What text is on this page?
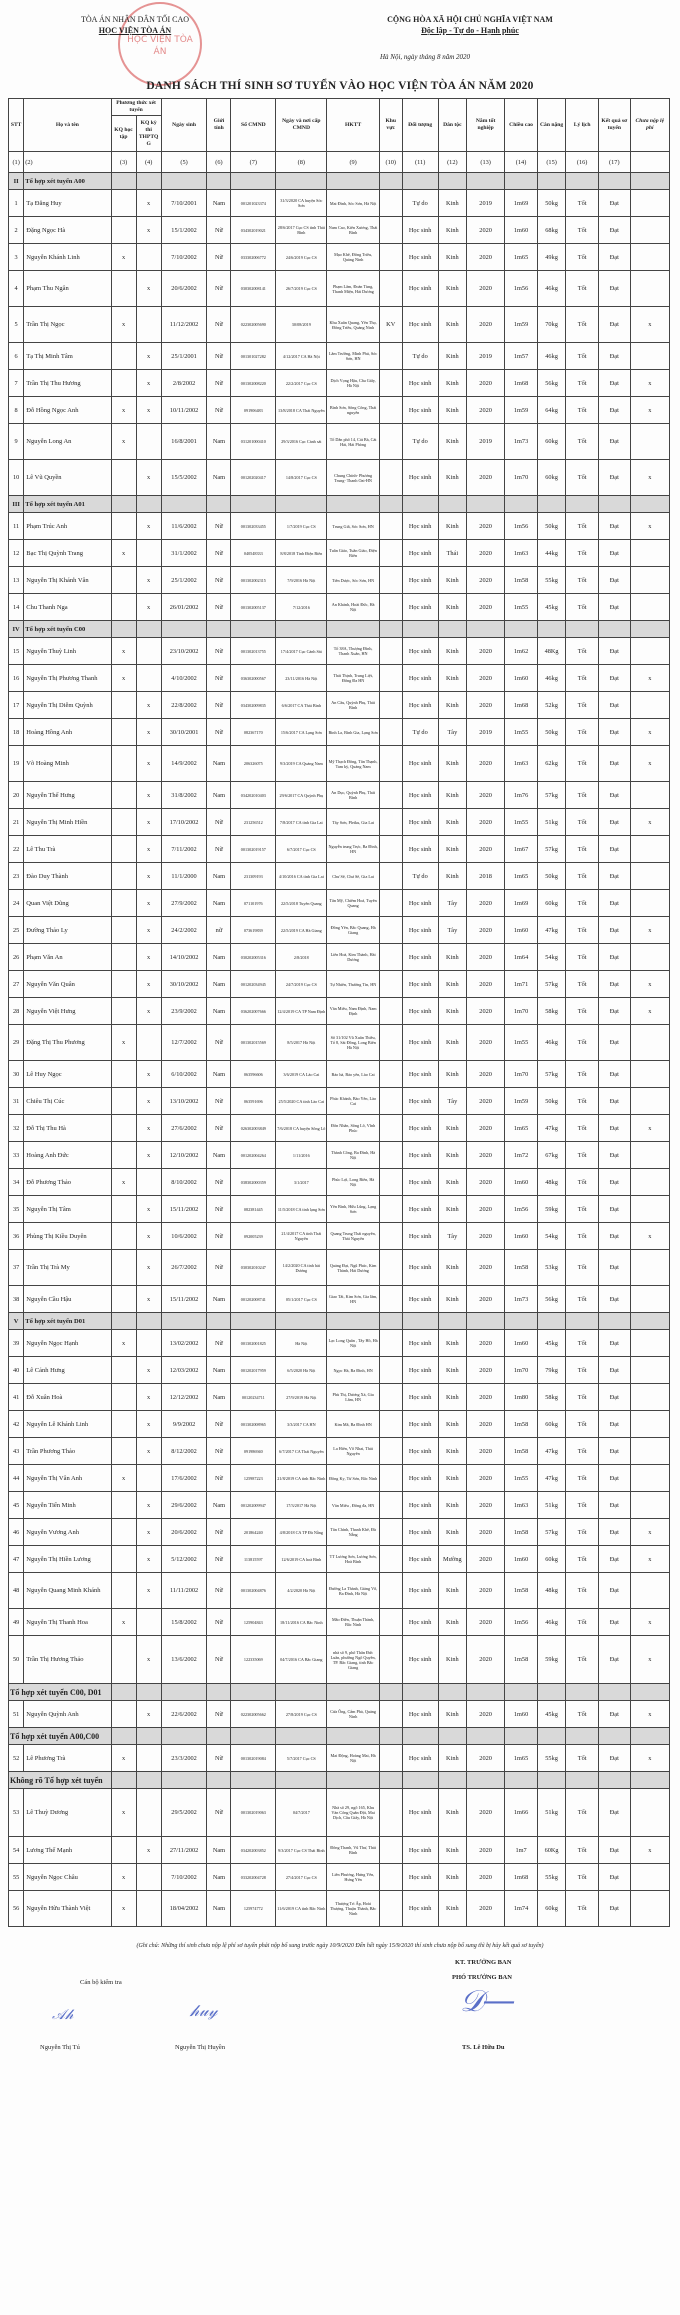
HỌC VIỆN TÒA ÁN
TÒA ÁN NHÂN DÂN TỐI CAO
HỌC VIỆN TÒA ÁN
CỘNG HÒA XÃ HỘI CHỦ NGHĨA VIỆT NAM
Độc lập - Tự do - Hạnh phúc
Hà Nội, ngày tháng 8 năm 2020
DANH SÁCH THÍ SINH SƠ TUYỂN VÀO HỌC VIỆN TÒA ÁN NĂM 2020
STT	Họ và tên	Phương thức xét tuyển		Ngày sinh	Giới tính	Số CMND	Ngày và nơi cấp CMND	HKTT	Khu vực	Đối tượng	Dân tộc	Năm tốt nghiệp	Chiều cao	Cân nặng	Lý lịch	Kết quả sơ tuyển	Chưa nộp lệ phí
		KQ học tập	KQ kỳ thi THPTQG														
(1)	(2)	(3)	(4)	(5)	(6)	(7)	(8)	(9)	(10)	(11)	(12)	(13)	(14)	(15)	(16)	(17)	
II	Tổ hợp xét tuyển A00																
1	Tạ Đăng Huy		x	7/10/2001	Nam	001201023374	31/3/2020 CA huyện Sóc Sơn	Mai Đình, Sóc Sơn, Hà Nội		Tự do	Kinh	2019	1m69	50kg	Tốt	Đạt	
2	Đặng Ngọc Hà		x	15/1/2002	Nữ	034302019021	28/6/2017 Cục CS tỉnh Thái Bình	Nam Cao, Kiến Xương, Thái Bình		Học sinh	Kinh	2020	1m60	68kg	Tốt	Đạt	
3	Nguyễn Khánh Linh	x		7/10/2002	Nữ	033302006772	24/6/2019 Cục CS	Mạo Khê, Đông Triều, Quảng Ninh		Học sinh	Kinh	2020	1m65	49kg	Tốt	Đạt	
4	Phạm Thu Ngân		x	20/6/2002	Nữ	030302008141	26/7/2019 Cục CS	Phạm Lâm, Đoàn Tùng, Thanh Miện, Hải Dương		Học sinh	Kinh	2020	1m56	46kg	Tốt	Đạt	
5	Trần Thị Ngọc	x		11/12/2002	Nữ	022302005690	30/08/2019	Khu Xuân Quang, Yên Thọ, Đông Triều, Quảng Ninh	KV	Học sinh	Kinh	2020	1m59	70kg	Tốt	Đạt	x
6	Tạ Thị Minh Tâm		x	25/1/2001	Nữ	001301027282	4/12/2017 CA Hà Nội	Lâm Trường, Minh Phú, Sóc Sơn, HN		Tự do	Kinh	2019	1m57	46kg	Tốt	Đạt	
7	Trần Thị Thu Hương		x	2/8/2002	Nữ	001302008220	22/2/2017 Cục CS	Dịch Vọng Hậu, Cầu Giấy, Hà Nội		Học sinh	Kinh	2020	1m68	56kg	Tốt	Đạt	x
8	Đỗ Hồng Ngọc Anh	x	x	10/11/2002	Nữ	091906483	13/8/2018 CA Thái Nguyên	Bình Sơn, Sông Công, Thái nguyên		Học sinh	Kinh	2020	1m59	64kg	Tốt	Đạt	x
9	Nguyễn Long An	x		16/8/2001	Nam	031201000410	29/3/2016 Cục Cảnh sát	Tổ Dân phố 14, Cát Bà, Cát Hải, Hải Phòng		Tự do	Kinh	2019	1m73	60kg	Tốt	Đạt	
10	Lê Vũ Quyền		x	15/5/2002	Nam	001202020417	14/8/2017 Cục CS	Chung Chính- Phương Trung- Thanh Oai-HN		Học sinh	Kinh	2020	1m70	60kg	Tốt	Đạt	x
III	Tổ hợp xét tuyển A01																
11	Phạm Trúc Anh		x	11/6/2002	Nữ	001302033455	1/7/2019 Cục CS	Trung Giã, Sóc Sơn, HN		Học sinh	Kinh	2020	1m56	50kg	Tốt	Đạt	x
12	Bạc Thị Quỳnh Trang	x		31/1/2002	Nữ	040548333	8/8/2018 Tỉnh Điện Biên	Tuần Giáo, Tuần Giáo, Điện Biên		Học sinh	Thái	2020	1m63	44kg	Tốt	Đạt	
13	Nguyễn Thị Khánh Vân		x	25/1/2002	Nữ	001302002315	7/9/2016 Hà Nội	Tiên Dược, Sóc Sơn, HN		Học sinh	Kinh	2020	1m58	55kg	Tốt	Đạt	
14	Chu Thanh Nga		x	26/01/2002	Nữ	001302005137	7/12/2016	An Khánh, Hoài Đức, Hà Nội		Học sinh	Kinh	2020	1m55	45kg	Tốt	Đạt	
IV	Tổ hợp xét tuyển C00																
15	Nguyễn Thuỳ Linh	x		23/10/2002	Nữ	001302013755	17/4/2017 Cục Cảnh Sát	Tổ 38A, Thượng Đình, Thanh Xuân, HN		Học sinh	Kinh	2020	1m62	48Kg	Tốt	Đạt	
16	Nguyễn Thị Phương Thanh	x		4/10/2002	Nữ	036302000567	23/11/2016 Hà Nội	Thái Thịnh, Trung Liệt, Đống Đa HN		Học sinh	Kinh	2020	1m60	46kg	Tốt	Đạt	x
17	Nguyễn Thị Diễm Quỳnh		x	22/8/2002	Nữ	034302009835	6/6/2017 CA Thái Bình	An Cầu, Quỳnh Phụ, Thái Bình		Học sinh	Kinh	2020	1m68	52kg	Tốt	Đạt	
18	Hoàng Hồng Anh		x	30/10/2001	Nữ	082367170	15/6/2017 CA Lạng Sơn	Bình La, Bình Gia, Lạng Sơn		Tự do	Tày	2019	1m55	50kg	Tốt	Đạt	x
19	Võ Hoàng Minh		x	14/9/2002	Nam	206326075	9/3/2019 CA Quảng Nam	Mỹ Thạch Đông, Tân Thạnh, Tam kỳ, Quảng Nam		Học sinh	Kinh	2020	1m63	62kg	Tốt	Đạt	x
20	Nguyễn Thế Hưng		x	31/8/2002	Nam	034202010403	29/6/2017 CA Quỳnh Phụ	An Dục, Quỳnh Phụ, Thái Bình		Học sinh	Kinh	2020	1m76	57kg	Tốt	Đạt	
21	Nguyễn Thị Minh Hiền		x	17/10/2002	Nữ	231256512	7/8/2017 CA tỉnh Gia Lai	Tây Sơn, Pleiku, Gia Lai		Học sinh	Kinh	2020	1m55	51kg	Tốt	Đạt	x
22	Lê Thu Trà		x	7/11/2002	Nữ	001302019157	6/7/2017 Cục CS	Nguyễn trung Trực, Ba Đình, HN		Học sinh	Kinh	2020	1m67	57kg	Tốt	Đạt	
23	Đào Duy Thành		x	11/1/2000	Nam	231309193	4/10/2016 CA tỉnh Gia Lai	Chư Sê, Chư Sê, Gia Lai		Tự do	Kinh	2018	1m65	50kg	Tốt	Đạt	
24	Quan Việt Dũng		x	27/9/2002	Nam	071101976	22/5/2018 Tuyên Quang	Tân Mỹ, Chiêm Hoá, Tuyên Quang		Học sinh	Tày	2020	1m69	60kg	Tốt	Đạt	
25	Đường Thảo Ly		x	24/2/2002	nữ	073619839	22/5/2019 CA Hà Giang	Đồng Yên, Bắc Quang, Hà Giang		Học sinh	Tày	2020	1m60	47kg	Tốt	Đạt	x
26	Phạm Văn An		x	14/10/2002	Nam	030202005316	2/8/2018	Liên Hoà, Kim Thành, Hải Dương		Học sinh	Kinh	2020	1m64	54kg	Tốt	Đạt	
27	Nguyễn Văn Quân		x	30/10/2002	Nam	001202034945	24/7/2019 Cục CS	Tự Nhiên, Thường Tín, HN		Học sinh	Kinh	2020	1m71	57kg	Tốt	Đạt	x
28	Nguyễn Việt Hưng		x	23/9/2002	Nam	036202007666	12/4/2019 CA TP Nam Định	Văn Miếu, Nam Định, Nam Định		Học sinh	Kinh	2020	1m70	58kg	Tốt	Đạt	x
29	Đặng Thị Thu Phương	x		12/7/2002	Nữ	001302015569	8/5/2017 Hà Nội	Số 31/102 Vũ Xuân Thiều, Tổ 8, Sài Đồng, Long Biên Hà Nội		Học sinh	Kinh	2020	1m55	46kg	Tốt	Đạt	
30	Lê Huy Ngọc		x	6/10/2002	Nam	063596606	3/6/2019 CA Lào Cai	Bảo hà, Bảo yên, Lào Cai		Học sinh	Kinh	2020	1m70	57kg	Tốt	Đạt	
31	Chiêu Thị Cúc		x	13/10/2002	Nữ	063591696	25/5/2020 CA tỉnh Lào Cai	Phúc Khánh, Bảo Yên, Lào Cai		Học sinh	Tày	2020	1m59	50kg	Tốt	Đạt	
32	Đỗ Thị Thu Hà		x	27/6/2002	Nữ	026302003849	7/6/2018 CA huyện Sông Lô	Đôn Nhân, Sông Lô, Vĩnh Phúc		Học sinh	Kinh	2020	1m65	47kg	Tốt	Đạt	x
33	Hoàng Anh Đức		x	12/10/2002	Nam	001202004264	1/11/2016	Thành Công, Ba Đình, Hà Nội		Học sinh	Kinh	2020	1m72	67kg	Tốt	Đạt	
34	Đỗ Phương Thảo	x		8/10/2002	Nữ	038302000359	3/1/2017	Phúc Lợi, Long Biên, Hà Nội		Học sinh	Kinh	2020	1m60	48kg	Tốt	Đạt	
35	Nguyễn Thị Tâm		x	15/11/2002	Nữ	082381445	11/5/2018 CA tỉnh lạng Sơn	Yên Bình, Hữu Lũng, Lạng Sơn		Học sinh	Kinh	2020	1m56	59kg	Tốt	Đạt	
36	Phùng Thị Kiều Duyên		x	10/6/2002	Nữ	092005239	21/4/2017 CA tỉnh Thái Nguyên	Quang Trung Thái nguyên, Thái Nguyên		Học sinh	Tày	2020	1m60	54kg	Tốt	Đạt	x
37	Trần Thị Trà My		x	26/7/2002	Nữ	030302010247	14/2/2020 CA tỉnh hải Dương	Quảng Đạt, Ngũ Phúc, Kim Thành, Hải Dương		Học sinh	Kinh	2020	1m58	53kg	Tốt	Đạt	
38	Nguyễn Cầu Hậu		x	15/11/2002	Nam	001202008741	05/1/2017 Cục CS	Giao Tất, Kim Sơn, Gia lâm, HN		Học sinh	Kinh	2020	1m73	56kg	Tốt	Đạt	
V	Tổ hợp xét tuyển D01																
39	Nguyễn Ngọc Hạnh	x		13/02/2002	Nữ	001302001825	Hà Nội	Lạc Long Quân , Tây Hồ, Hà Nội		Học sinh	Kinh	2020	1m60	45kg	Tốt	Đạt	
40	Lê Cảnh Hưng		x	12/03/2002	Nam	001202017959	6/5/2020 Hà Nội	Ngọc Hà, Ba Đình, HN		Học sinh	Kinh	2020	1m70	79kg	Tốt	Đạt	
41	Đỗ Xuân Hoà		x	12/12/2002	Nam	00120234711	27/9/2019 Hà Nội	Phù Thị, Dương Xá, Gia Lâm, HN		Học sinh	Kinh	2020	1m80	58kg	Tốt	Đạt	
42	Nguyễn Lê Khánh Linh		x	9/9/2002	Nữ	001302008965	3/3/2017 CA HN	Kim Mã, Ba Đình HN		Học sinh	Kinh	2020	1m58	60kg	Tốt	Đạt	
43	Trần Phương Thảo		x	8/12/2002	Nữ	091986940	6/7/2017 CA Thái Nguyên	La Hiên, Võ Nhai, Thái Nguyên		Học sinh	Kinh	2020	1m58	47kg	Tốt	Đạt	
44	Nguyễn Thị Vân Anh	x		17/6/2002	Nữ	125987223	21/8/2019 CA tỉnh Bắc Ninh	Đồng Kỵ, Từ Sơn, Bắc Ninh		Học sinh	Kinh	2020	1m55	47kg	Tốt	Đạt	
45	Nguyễn Tiến Minh		x	29/6/2002	Nam	001202009947	17/3/2017 Hà Nội	Văn Miếu , Đống đa, HN		Học sinh	Kinh	2020	1m63	51kg	Tốt	Đạt	
46	Nguyễn Vương Anh		x	20/6/2002	Nữ	201864240	4/8/2018 CA TP Đà Nẵng	Tân Chính, Thanh Khê, Đà Nẵng		Học sinh	Kinh	2020	1m58	57kg	Tốt	Đạt	x
47	Nguyễn Thị Hiền Lương		x	5/12/2002	Nữ	113815597	12/6/2019 CA hoà Bình	TT Lương Sơn, Lương Sơn, Hoà Bình		Học sinh	Mường	2020	1m60	60kg	Tốt	Đạt	x
48	Nguyễn Quang Minh Khánh		x	11/11/2002	Nữ	001302004876	4/2/2020 Hà Nội	Đường La Thành, Giảng Võ, Ba Đình, Hà Nội		Học sinh	Kinh	2020	1m58	48kg	Tốt	Đạt	
49	Nguyễn Thị Thanh Hoa	x		15/8/2002	Nữ	125904843	18/11/2016 CA Bắc Ninh	Mão Điền, Thuận Thành, Bắc Ninh		Học sinh	Kinh	2020	1m56	46kg	Tốt	Đạt	x
50	Trần Thị Hương Thảo		x	13/6/2002	Nữ	122335069	04/7/2016 CA Bắc Giang	nhà số 9, phố Thân Đức Luân, phường Ngô Quyền, TP. Bắc Giang, tỉnh Bắc Giang		Học sinh	Kinh	2020	1m58	59kg	Tốt	Đạt	x
Tổ hợp xét tuyển C00, D01																	
51	Nguyễn Quỳnh Anh		x	22/6/2002	Nữ	022302005662	27/8/2019 Cục CS	Cửa Ông, Cẩm Phả, Quảng Ninh		Học sinh	Kinh	2020	1m60	45kg	Tốt	Đạt	x
Tổ hợp xét tuyển A00,C00																	
52	Lê Phương Trà	x		23/3/2002	Nữ	001302019084	5/7/2017 Cục CS	Mai Động, Hoàng Mai, Hà Nội		Học sinh	Kinh	2020	1m65	55kg	Tốt	Đạt	x
Không rõ Tổ hợp xét tuyển																	
53	Lê Thuỳ Dương	x		29/5/2002	Nữ	001302019063	04/7/2017	Nhà số 29, ngõ 165, Khu Văn Công Quân Đội, Mai Dịch, Cầu Giấy, Hà Nội		Học sinh	Kinh	2020	1m66	51kg	Tốt	Đạt	
54	Lương Thế Mạnh		x	27/11/2002	Nam	034202003852	9/3/2017 Cục CS Thái Bình	Đông Thanh, Vũ Thư, Thái Bình		Học sinh	Kinh	2020	1m7	60Kg	Tốt	Đạt	x
55	Nguyễn Ngọc Châu	x		7/10/2002	Nam	033202004728	27/4/2017 Cục CS	Liên Phương, Hưng Yên, Hưng Yên		Học sinh	Kinh	2020	1m68	55kg	Tốt	Đạt	
56	Nguyễn Hữu Thành Việt	x		18/04/2002	Nam	125974772	11/6/2019 CA tỉnh Bắc Ninh	Thượng Trì Ấp, Hoài Thượng, Thuận Thành, Bắc Ninh		Học sinh	Kinh	2020	1m74	60kg	Tốt	Đạt	
(Ghi chú: Những thí sinh chưa nộp lệ phí sơ tuyển phải nộp bổ sung trước ngày 10/9/2020 Đến hết ngày 15/9/2020 thí sinh chưa nộp bổ sung thì bị hủy kết quả sơ tuyển)
Cán bộ kiểm tra
𝒜𝒽	𝒽𝓊𝓎	𝒟―
Nguyễn Thị Tú	Nguyễn Thị Huyền
KT. TRƯỞNG BAN
PHÓ TRƯỞNG BAN
TS. Lê Hữu Du
